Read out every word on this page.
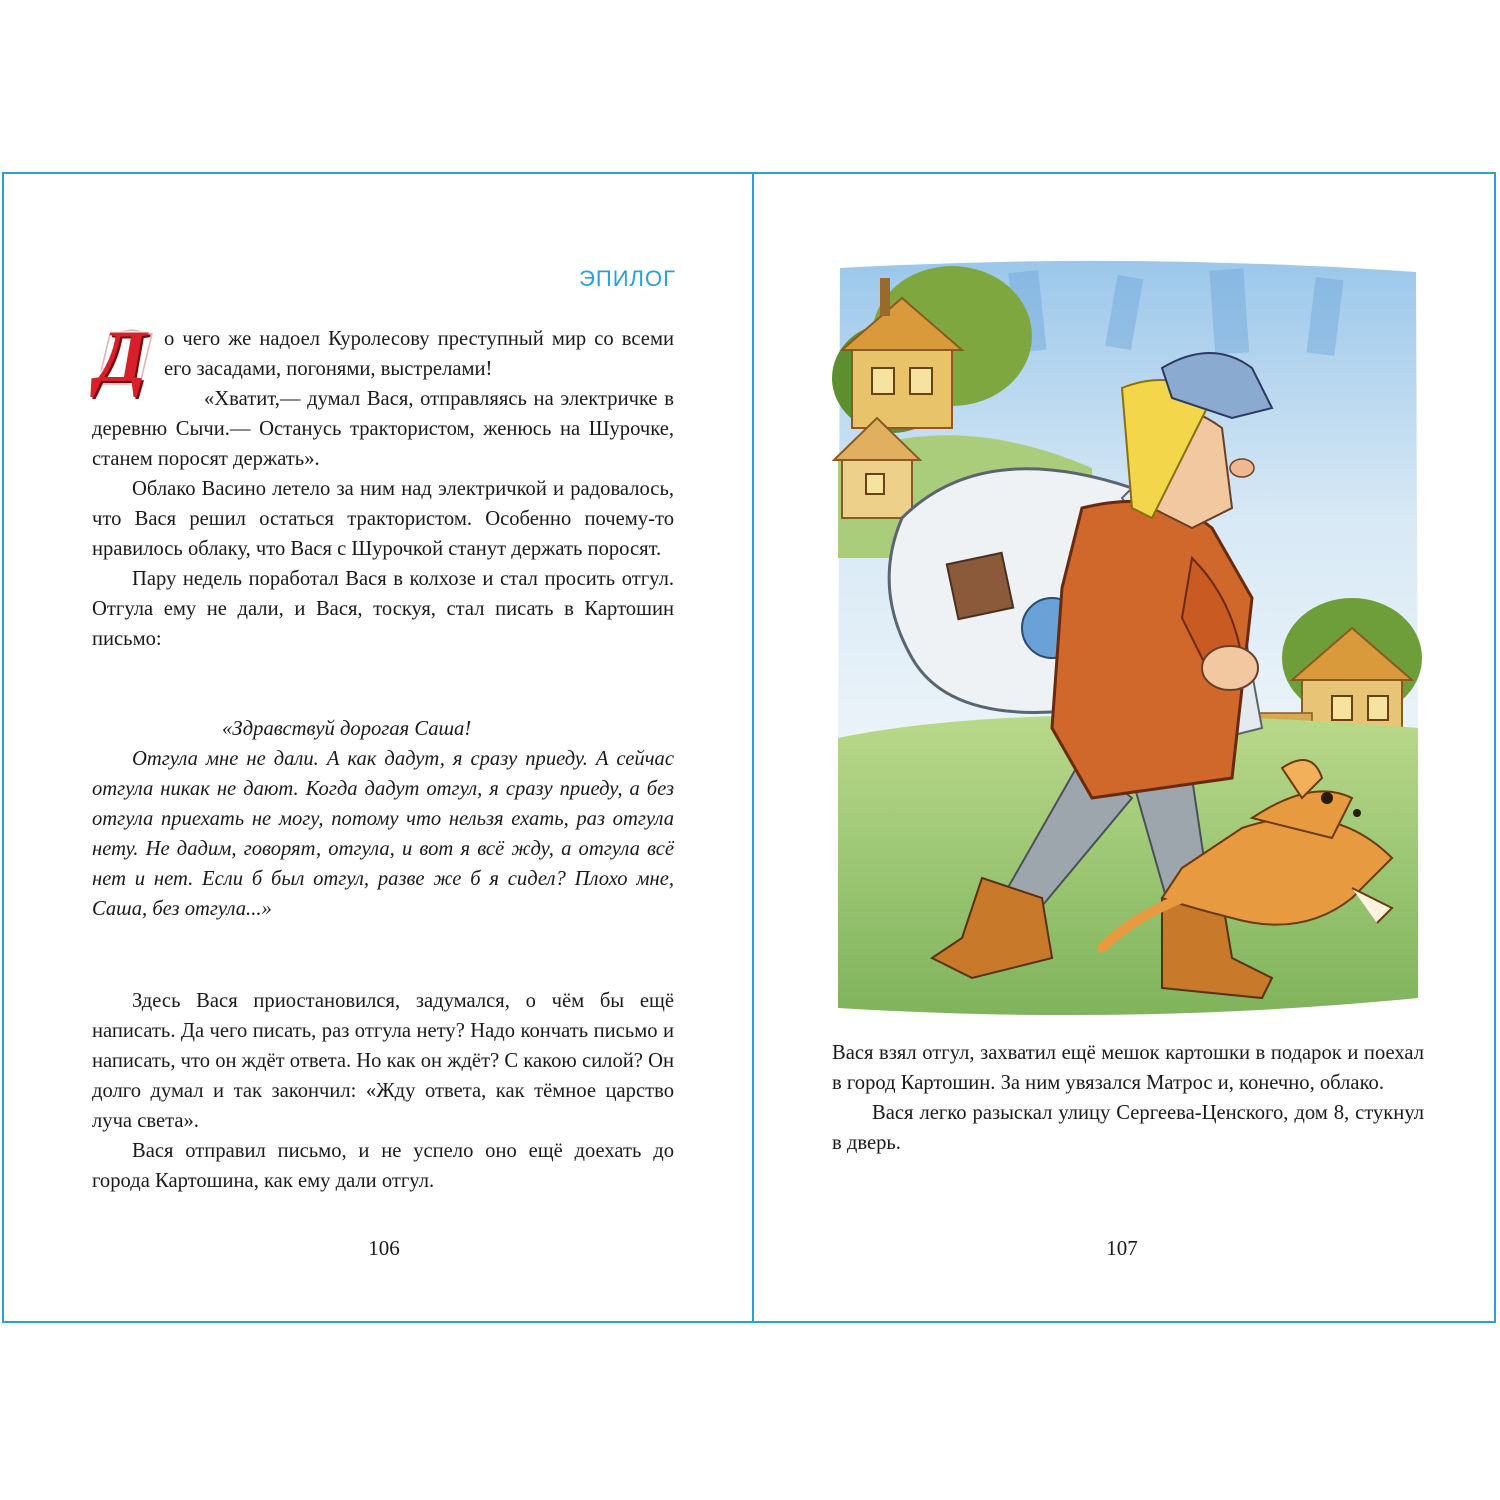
ЭПИЛОГ

Д о чего же надоел Куролесову преступный мир со всеми его засадами, погонями, выстрелами!

«Хватит,— думал Вася, отправляясь на электричке в деревню Сычи.— Останусь трактористом, женюсь на Шурочке, станем поросят держать».

Облако Васино летело за ним над электричкой и радовалось, что Вася решил остаться трактористом. Особенно почему-то нравилось облаку, что Вася с Шурочкой станут держать поросят.

Пару недель поработал Вася в колхозе и стал просить отгул. Отгула ему не дали, и Вася, тоскуя, стал писать в Картошин письмо:

«Здравствуй дорогая Саша!

Отгула мне не дали. А как дадут, я сразу приеду. А сейчас отгула никак не дают. Когда дадут отгул, я сразу приеду, а без отгула приехать не могу, потому что нельзя ехать, раз отгула нету. Не дадим, говорят, отгула, и вот я всё жду, а отгула всё нет и нет. Если б был отгул, разве же б я сидел? Плохо мне, Саша, без отгула...»

Здесь Вася приостановился, задумался, о чём бы ещё написать. Да чего писать, раз отгула нету? Надо кончать письмо и написать, что он ждёт ответа. Но как он ждёт? С какою силой? Он долго думал и так закончил: «Жду ответа, как тёмное царство луча света».

Вася отправил письмо, и не успело оно ещё доехать до города Картошина, как ему дали отгул.

106

Вася взял отгул, захватил ещё мешок картошки в подарок и поехал в город Картошин. За ним увязался Матрос и, конечно, облако.

Вася легко разыскал улицу Сергеева-Ценского, дом 8, стукнул в дверь.

107
